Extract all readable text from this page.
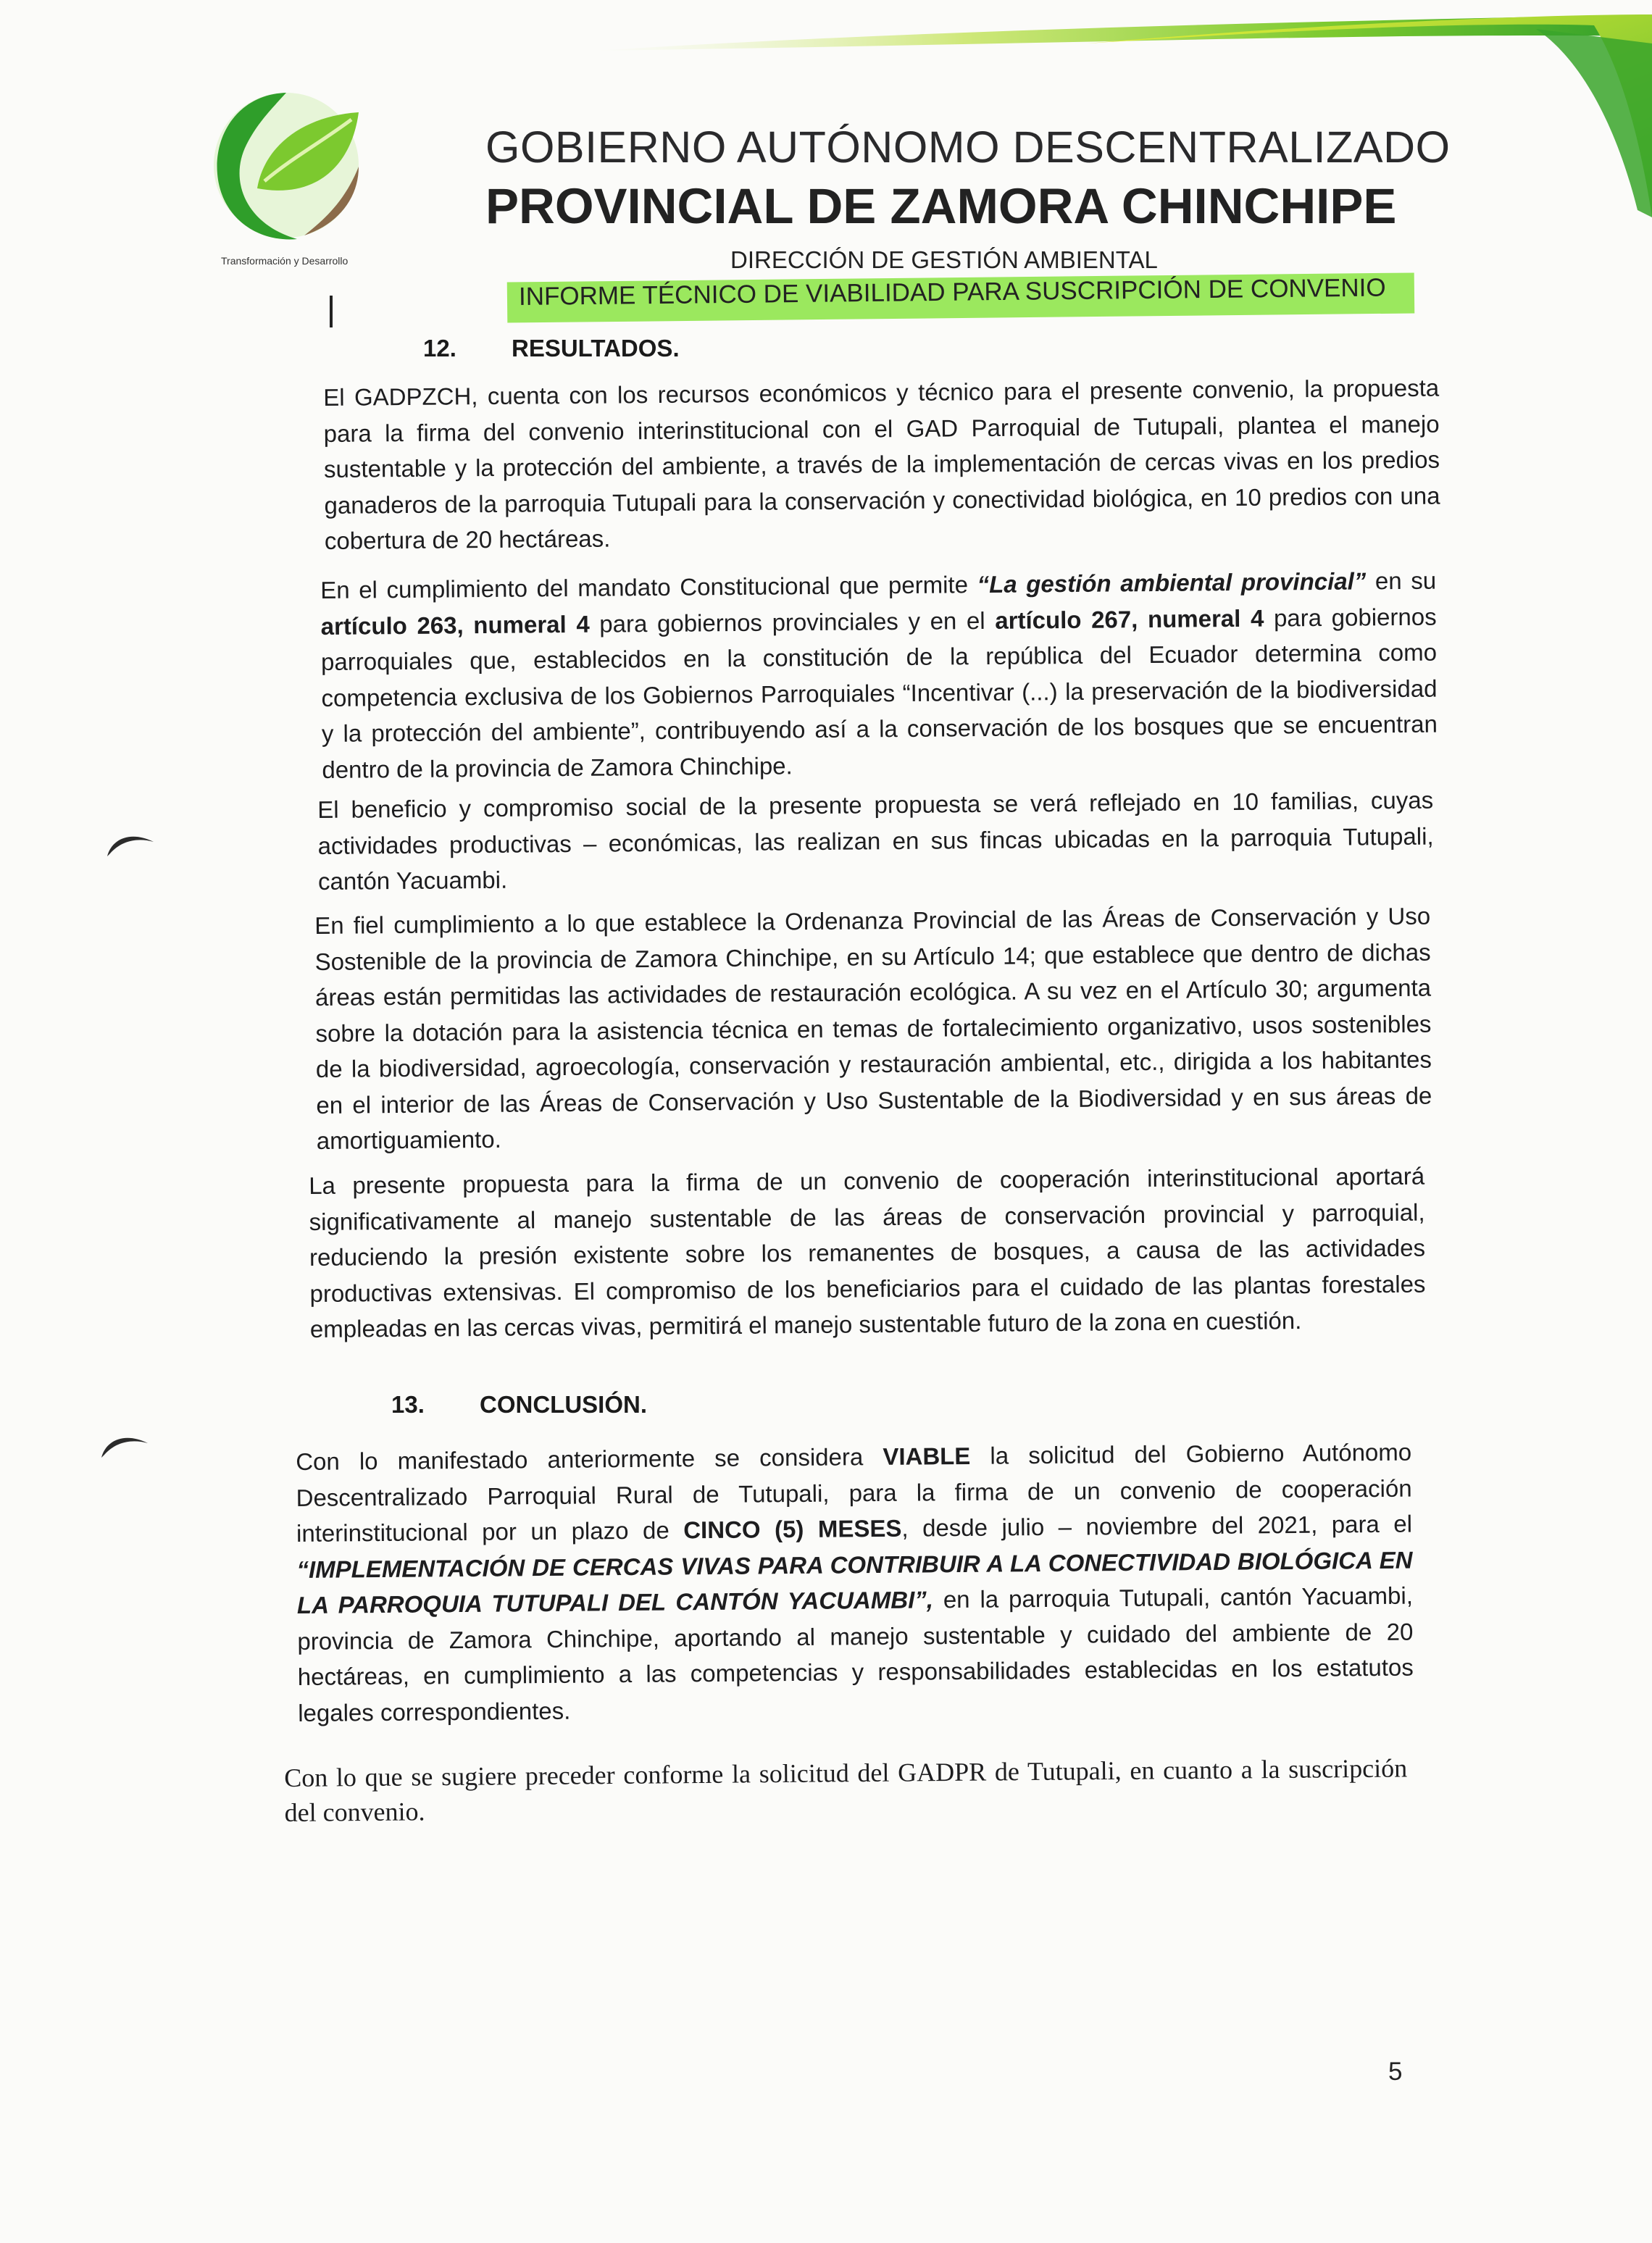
Transformación y Desarrollo
GOBIERNO AUTÓNOMO DESCENTRALIZADO
PROVINCIAL DE ZAMORA CHINCHIPE
DIRECCIÓN DE GESTIÓN AMBIENTAL
INFORME TÉCNICO DE VIABILIDAD PARA SUSCRIPCIÓN DE CONVENIO
12. RESULTADOS.
El GADPZCH, cuenta con los recursos económicos y técnico para el presente convenio, la propuesta para la firma del convenio interinstitucional con el GAD Parroquial de Tutupali, plantea el manejo sustentable y la protección del ambiente, a través de la implementación de cercas vivas en los predios ganaderos de la parroquia Tutupali para la conservación y conectividad biológica, en 10 predios con una cobertura de 20 hectáreas.
En el cumplimiento del mandato Constitucional que permite “La gestión ambiental provincial” en su artículo 263, numeral 4 para gobiernos provinciales y en el artículo 267, numeral 4 para gobiernos parroquiales que, establecidos en la constitución de la república del Ecuador determina como competencia exclusiva de los Gobiernos Parroquiales “Incentivar (...) la preservación de la biodiversidad y la protección del ambiente”, contribuyendo así a la conservación de los bosques que se encuentran dentro de la provincia de Zamora Chinchipe.
El beneficio y compromiso social de la presente propuesta se verá reflejado en 10 familias, cuyas actividades productivas – económicas, las realizan en sus fincas ubicadas en la parroquia Tutupali, cantón Yacuambi.
En fiel cumplimiento a lo que establece la Ordenanza Provincial de las Áreas de Conservación y Uso Sostenible de la provincia de Zamora Chinchipe, en su Artículo 14; que establece que dentro de dichas áreas están permitidas las actividades de restauración ecológica. A su vez en el Artículo 30; argumenta sobre la dotación para la asistencia técnica en temas de fortalecimiento organizativo, usos sostenibles de la biodiversidad, agroecología, conservación y restauración ambiental, etc., dirigida a los habitantes en el interior de las Áreas de Conservación y Uso Sustentable de la Biodiversidad y en sus áreas de amortiguamiento.
La presente propuesta para la firma de un convenio de cooperación interinstitucional aportará significativamente al manejo sustentable de las áreas de conservación provincial y parroquial, reduciendo la presión existente sobre los remanentes de bosques, a causa de las actividades productivas extensivas. El compromiso de los beneficiarios para el cuidado de las plantas forestales empleadas en las cercas vivas, permitirá el manejo sustentable futuro de la zona en cuestión.
13. CONCLUSIÓN.
Con lo manifestado anteriormente se considera VIABLE la solicitud del Gobierno Autónomo Descentralizado Parroquial Rural de Tutupali, para la firma de un convenio de cooperación interinstitucional por un plazo de CINCO (5) MESES, desde julio – noviembre del 2021, para el “IMPLEMENTACIÓN DE CERCAS VIVAS PARA CONTRIBUIR A LA CONECTIVIDAD BIOLÓGICA EN LA PARROQUIA TUTUPALI DEL CANTÓN YACUAMBI”, en la parroquia Tutupali, cantón Yacuambi, provincia de Zamora Chinchipe, aportando al manejo sustentable y cuidado del ambiente de 20 hectáreas, en cumplimiento a las competencias y responsabilidades establecidas en los estatutos legales correspondientes.
Con lo que se sugiere preceder conforme la solicitud del GADPR de Tutupali, en cuanto a la suscripción del convenio.
5
